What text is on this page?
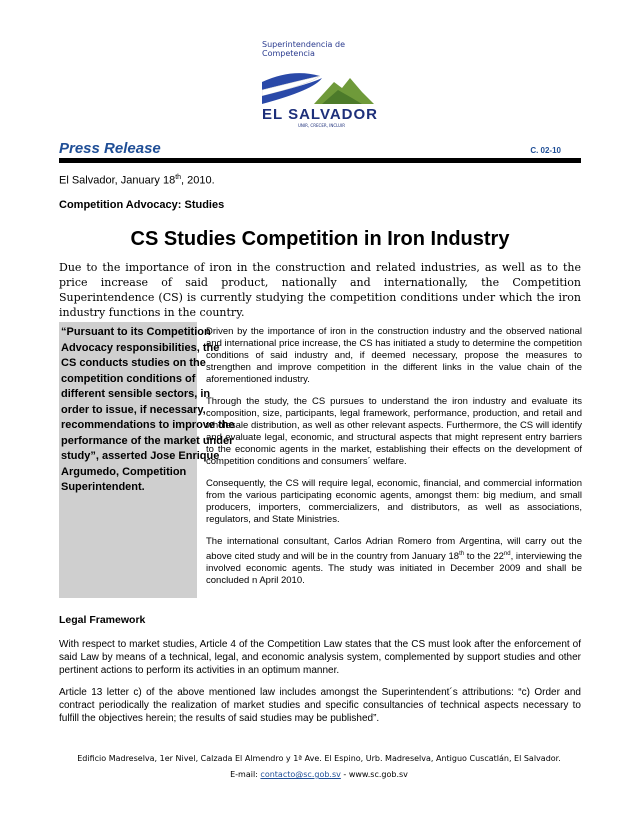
Superintendencia de
Competencia
EL SALVADOR
UNIR, CRECER, INCLUIR
Press Release	C. 02-10
El Salvador, January 18th, 2010.
Competition Advocacy: Studies
CS Studies Competition in Iron Industry
Due to the importance of iron in the construction and related industries, as well as to the price increase of said product, nationally and internationally, the Competition Superintendence (CS) is currently studying the competition conditions under which the iron industry functions in the country.
“Pursuant to its Competition Advocacy responsibilities, the CS conducts studies on the competition conditions of different sensible sectors, in order to issue, if necessary, recommendations to improve the performance of the market under study”, asserted Jose Enrique Argumedo, Competition Superintendent.

Driven by the importance of iron in the construction industry and the observed national and international price increase, the CS has initiated a study to determine the competition conditions of said industry and, if deemed necessary, propose the measures to strengthen and improve competition in the different links in the value chain of the aforementioned industry.

Through the study, the CS pursues to understand the iron industry and evaluate its composition, size, participants, legal framework, performance, production, and retail and wholesale distribution, as well as other relevant aspects. Furthermore, the CS will identify and evaluate legal, economic, and structural aspects that might represent entry barriers to the economic agents in the market, establishing their effects on the development of competition conditions and consumers´ welfare.

Consequently, the CS will require legal, economic, financial, and commercial information from the various participating economic agents, amongst them: big medium, and small producers, importers, commercializers, and distributors, as well as associations, regulators, and State Ministries.

The international consultant, Carlos Adrian Romero from Argentina, will carry out the above cited study and will be in the country from January 18th to the 22nd, interviewing the involved economic agents. The study was initiated in December 2009 and shall be concluded n April 2010.

Legal Framework

With respect to market studies, Article 4 of the Competition Law states that the CS must look after the enforcement of said Law by means of a technical, legal, and economic analysis system, complemented by support studies and other pertinent actions to perform its activities in an optimum manner.

Article 13 letter c) of the above mentioned law includes amongst the Superintendent´s attributions: “c) Order and contract periodically the realization of market studies and specific consultancies of technical aspects necessary to fulfill the objectives herein; the results of said studies may be published”.

Edificio Madreselva, 1er Nivel, Calzada El Almendro y 1ª Ave. El Espino, Urb. Madreselva, Antiguo Cuscatlán, El Salvador.
E-mail: contacto@sc.gob.sv - www.sc.gob.sv
